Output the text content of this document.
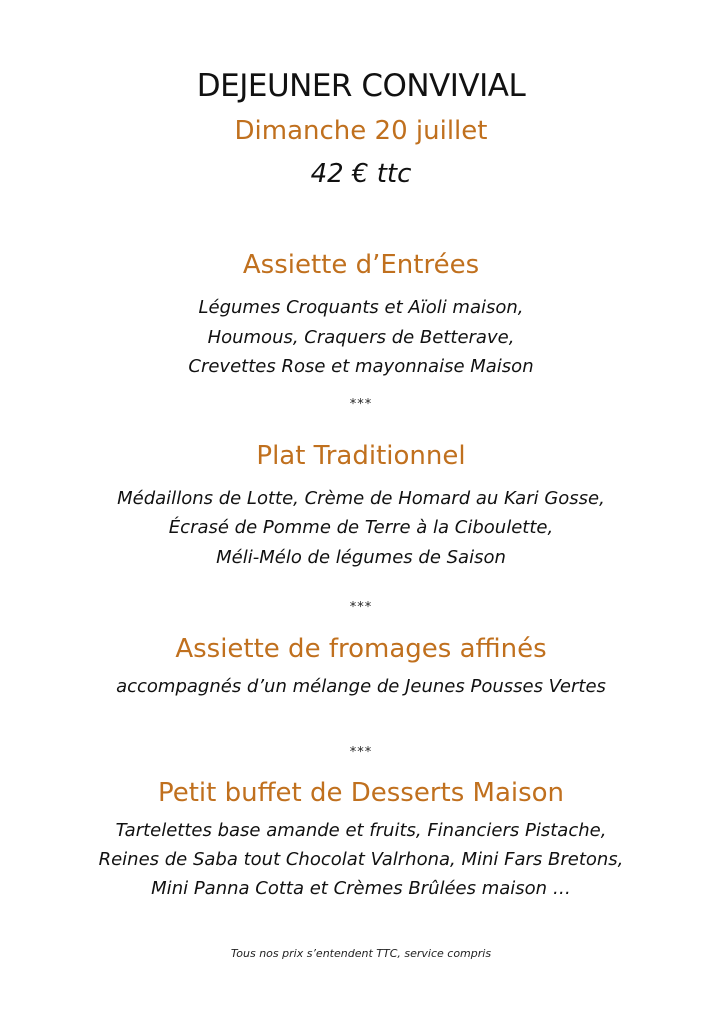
DEJEUNER CONVIVIAL
Dimanche 20 juillet
42 € ttc
Assiette d’Entrées
Légumes Croquants et Aïoli maison,
Houmous, Craquers de Betterave,
Crevettes Rose et mayonnaise Maison
***
Plat Traditionnel
Médaillons de Lotte, Crème de Homard au Kari Gosse,
Écrasé de Pomme de Terre à la Ciboulette,
Méli-Mélo de légumes de Saison
***
Assiette de fromages affinés
accompagnés d’un mélange de Jeunes Pousses Vertes
***
Petit buffet de Desserts Maison
Tartelettes base amande et fruits, Financiers Pistache,
Reines de Saba tout Chocolat Valrhona, Mini Fars Bretons,
Mini Panna Cotta et Crèmes Brûlées maison …
Tous nos prix s’entendent TTC, service compris
